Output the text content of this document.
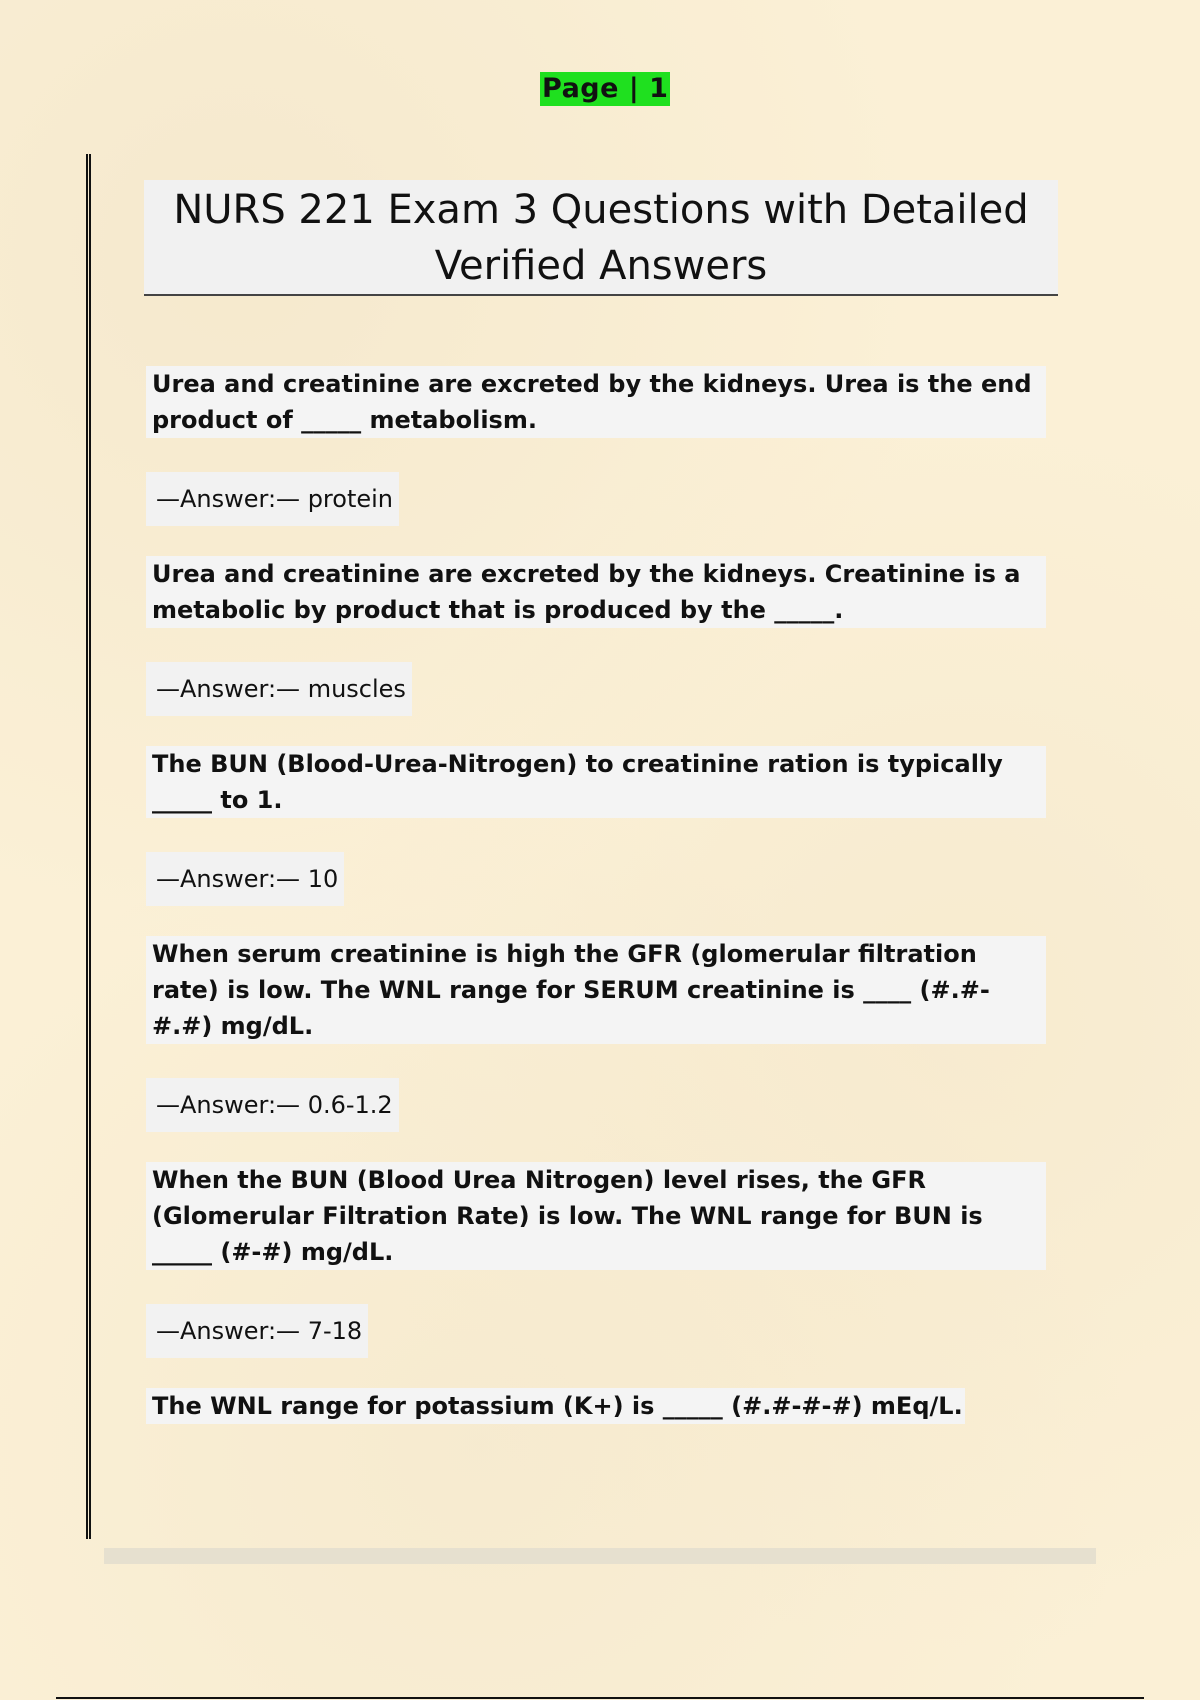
Page | 1
NURS 221 Exam 3 Questions with Detailed
Verified Answers
Urea and creatinine are excreted by the kidneys. Urea is the end product of _____ metabolism.
—Answer:— protein
Urea and creatinine are excreted by the kidneys. Creatinine is a metabolic by product that is produced by the _____.
—Answer:— muscles
The BUN (Blood-Urea-Nitrogen) to creatinine ration is typically _____ to 1.
—Answer:— 10
When serum creatinine is high the GFR (glomerular filtration rate) is low. The WNL range for SERUM creatinine is ____ (#.#-#.#) mg/dL.
—Answer:— 0.6-1.2
When the BUN (Blood Urea Nitrogen) level rises, the GFR (Glomerular Filtration Rate) is low. The WNL range for BUN is _____ (#-#) mg/dL.
—Answer:— 7-18
The WNL range for potassium (K+) is _____ (#.#-#-#) mEq/L.
